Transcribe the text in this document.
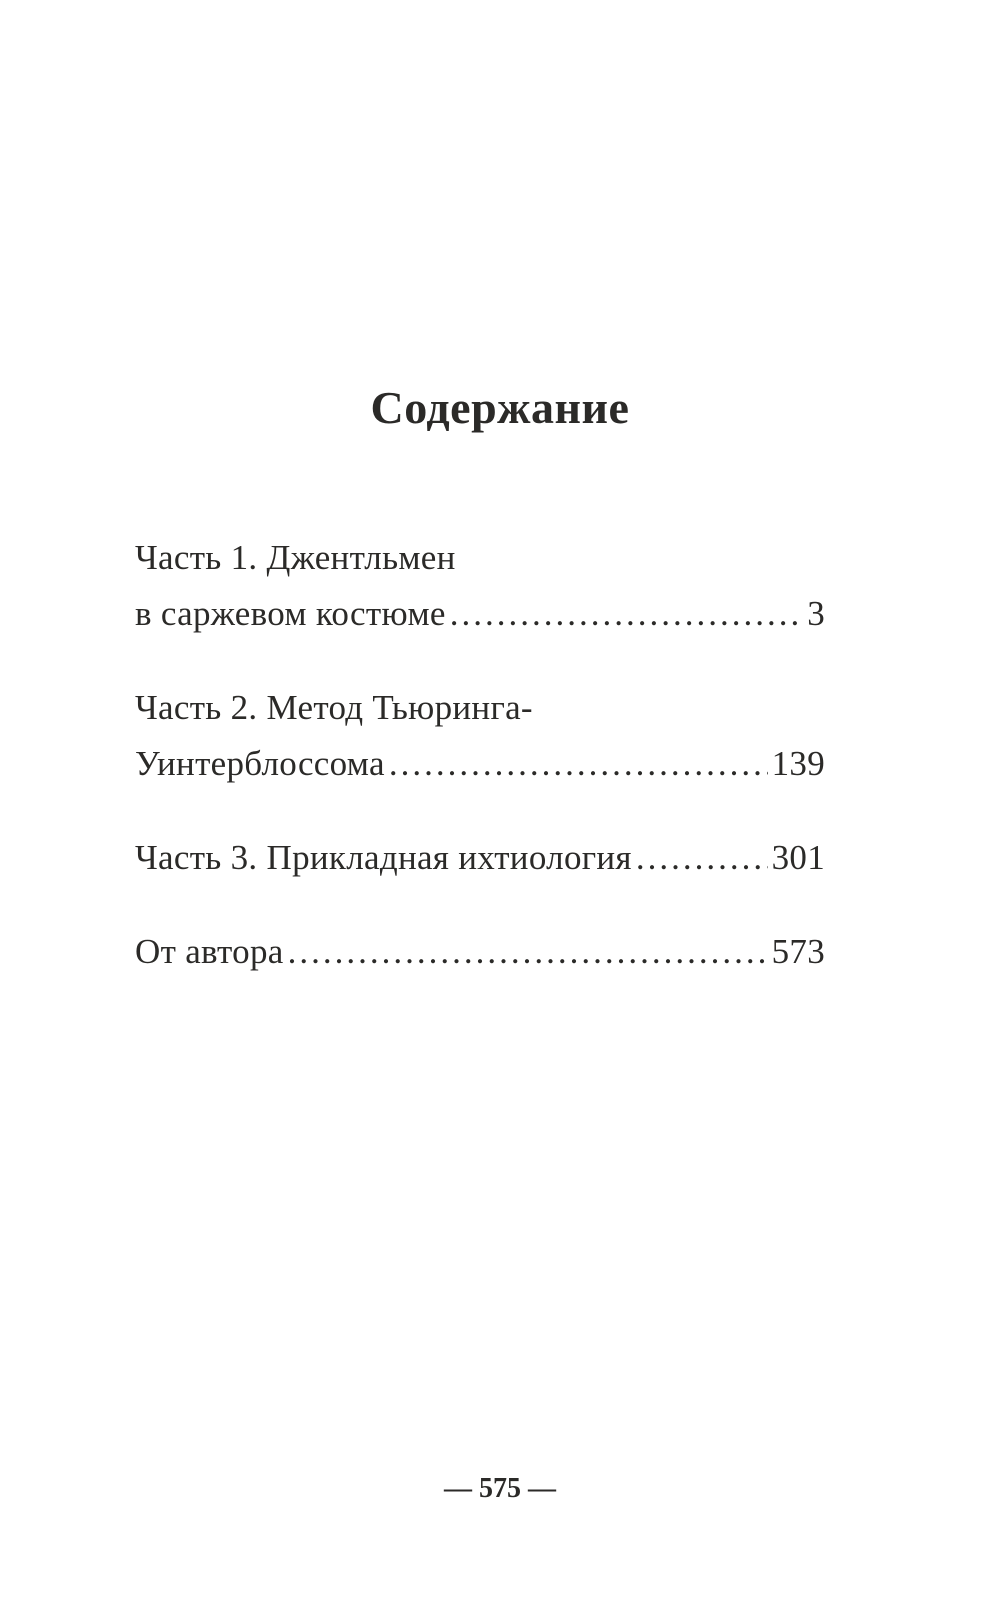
Содержание
Часть 1. Джентльмен
в саржевом костюме .....	3
Часть 2. Метод Тьюринга-
Уинтерблоссома .....	139
Часть 3. Прикладная ихтиология .....	301
От автора .....	573
— 575 —
